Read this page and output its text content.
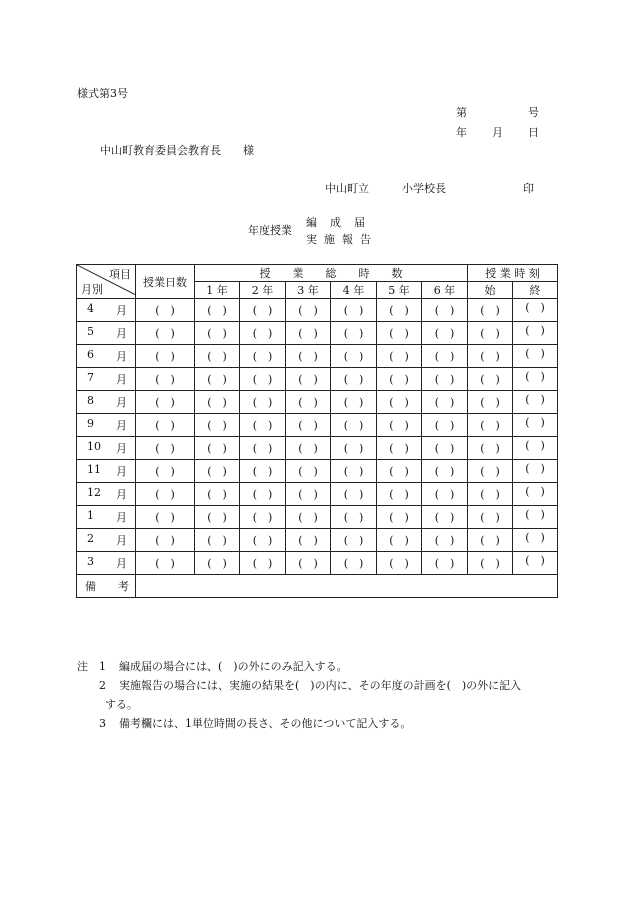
様式第3号
第	号
年 月 日
中山町教育委員会教育長　　様
中山町立　　　小学校長　　　　　　　印
年度授業
編 成 届
実 施 報 告
項目
月別	授業日数	授　　業　　総　　時　　数						授 業 時 刻	
		1 年	2 年	3 年	4 年	5 年	6 年	始	終

4 月	(　)	(　)	(　)	(　)	(　)	(　)	(　)	(　)	(　)

5 月	(　)	(　)	(　)	(　)	(　)	(　)	(　)	(　)	(　)

6 月	(　)	(　)	(　)	(　)	(　)	(　)	(　)	(　)	(　)

7 月	(　)	(　)	(　)	(　)	(　)	(　)	(　)	(　)	(　)

8 月	(　)	(　)	(　)	(　)	(　)	(　)	(　)	(　)	(　)

9 月	(　)	(　)	(　)	(　)	(　)	(　)	(　)	(　)	(　)

10 月	(　)	(　)	(　)	(　)	(　)	(　)	(　)	(　)	(　)

11 月	(　)	(　)	(　)	(　)	(　)	(　)	(　)	(　)	(　)

12 月	(　)	(　)	(　)	(　)	(　)	(　)	(　)	(　)	(　)

1 月	(　)	(　)	(　)	(　)	(　)	(　)	(　)	(　)	(　)

2 月	(　)	(　)	(　)	(　)	(　)	(　)	(　)	(　)	(　)

3 月	(　)	(　)	(　)	(　)	(　)	(　)	(　)	(　)	(　)

備 考									

注 1 編成届の場合には、(　)の外にのみ記入する。
2 実施報告の場合には、実施の結果を(　)の内に、その年度の計画を(　)の外に記入
する。
3 備考欄には、1単位時間の長さ、その他について記入する。
